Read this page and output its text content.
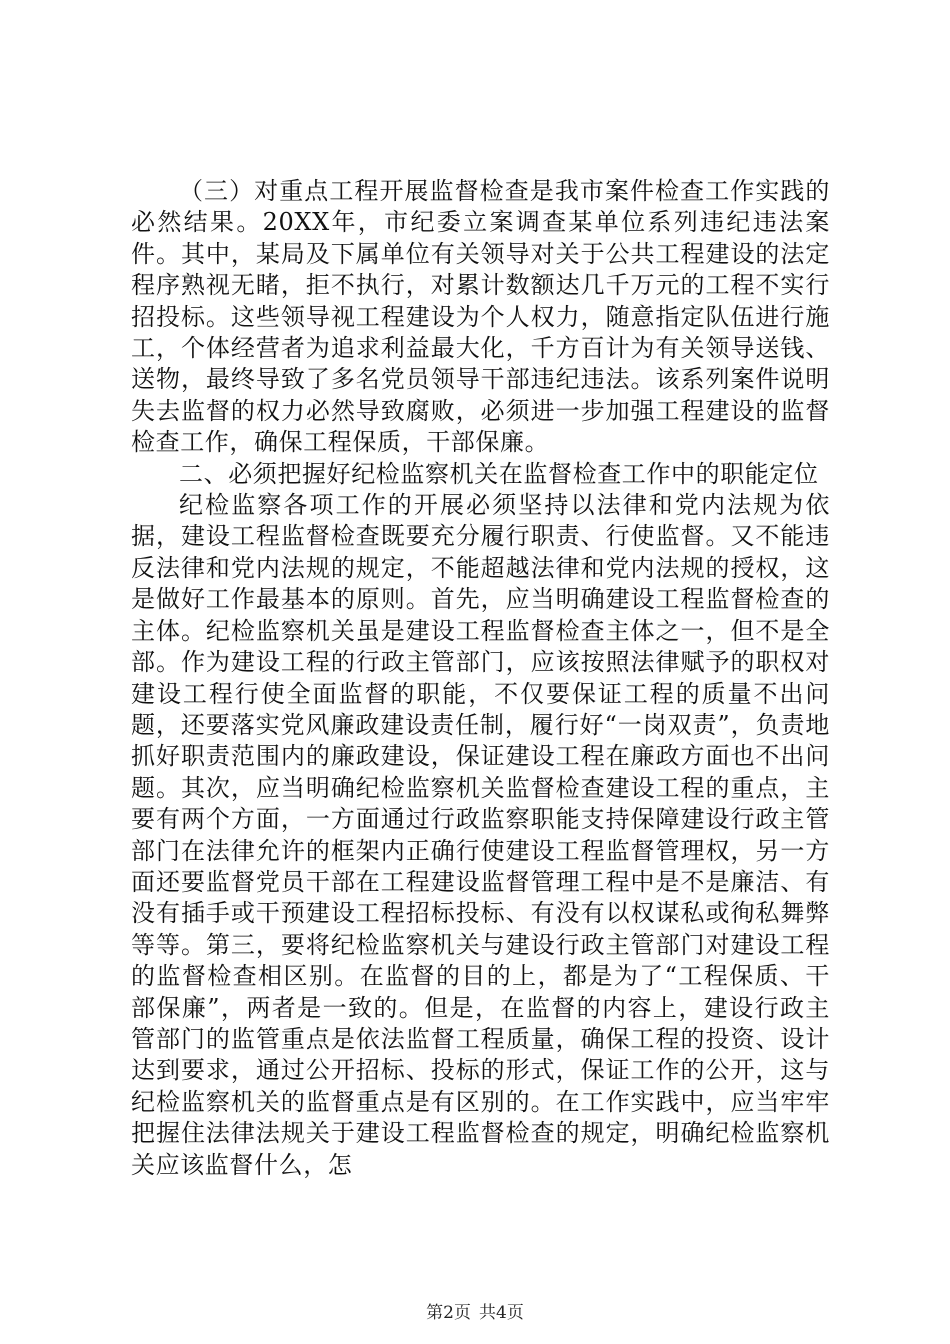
（三）对重点工程开展监督检查是我市案件检查工作实践的必然结果。20XX年，市纪委立案调查某单位系列违纪违法案件。其中，某局及下属单位有关领导对关于公共工程建设的法定程序熟视无睹，拒不执行，对累计数额达几千万元的工程不实行招投标。这些领导视工程建设为个人权力，随意指定队伍进行施工，个体经营者为追求利益最大化，千方百计为有关领导送钱、送物，最终导致了多名党员领导干部违纪违法。该系列案件说明失去监督的权力必然导致腐败，必须进一步加强工程建设的监督检查工作，确保工程保质，干部保廉。

二、必须把握好纪检监察机关在监督检查工作中的职能定位

纪检监察各项工作的开展必须坚持以法律和党内法规为依据，建设工程监督检查既要充分履行职责、行使监督。又不能违反法律和党内法规的规定，不能超越法律和党内法规的授权，这是做好工作最基本的原则。首先，应当明确建设工程监督检查的主体。纪检监察机关虽是建设工程监督检查主体之一，但不是全部。作为建设工程的行政主管部门，应该按照法律赋予的职权对建设工程行使全面监督的职能，不仅要保证工程的质量不出问题，还要落实党风廉政建设责任制，履行好“一岗双责”，负责地抓好职责范围内的廉政建设，保证建设工程在廉政方面也不出问题。其次，应当明确纪检监察机关监督检查建设工程的重点，主要有两个方面，一方面通过行政监察职能支持保障建设行政主管部门在法律允许的框架内正确行使建设工程监督管理权，另一方面还要监督党员干部在工程建设监督管理工程中是不是廉洁、有没有插手或干预建设工程招标投标、有没有以权谋私或徇私舞弊等等。第三，要将纪检监察机关与建设行政主管部门对建设工程的监督检查相区别。在监督的目的上，都是为了“工程保质、干部保廉”，两者是一致的。但是，在监督的内容上，建设行政主管部门的监管重点是依法监督工程质量，确保工程的投资、设计达到要求，通过公开招标、投标的形式，保证工作的公开，这与纪检监察机关的监督重点是有区别的。在工作实践中，应当牢牢把握住法律法规关于建设工程监督检查的规定，明确纪检监察机关应该监督什么，怎

第2页 共4页
